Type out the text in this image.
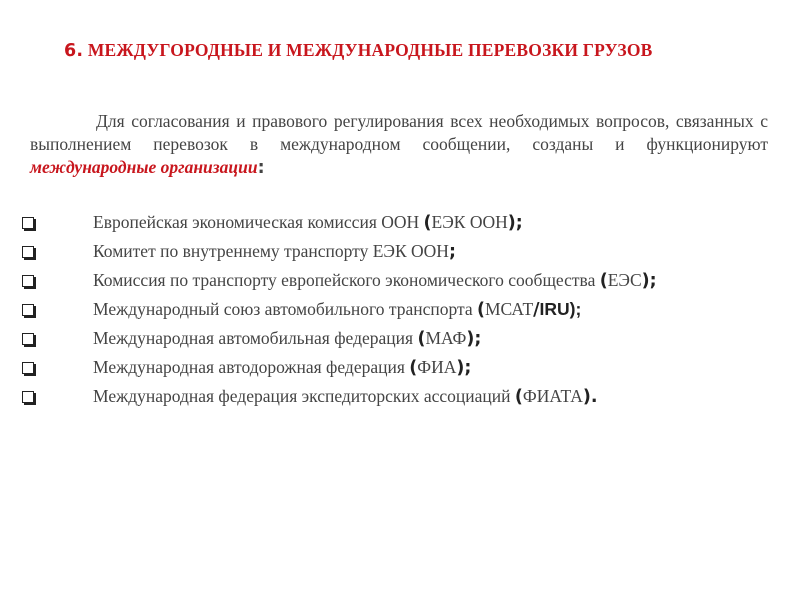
6. МЕЖДУГОРОДНЫЕ И МЕЖДУНАРОДНЫЕ ПЕРЕВОЗКИ ГРУЗОВ
Для согласования и правового регулирования всех необходимых вопросов, связанных с выполнением перевозок в международном сообщении, созданы и функционируют международные организации:
Европейская экономическая комиссия ООН (ЕЭК ООН);
Комитет по внутреннему транспорту ЕЭК ООН;
Комиссия по транспорту европейского экономического сообщества (ЕЭС);
Международный союз автомобильного транспорта (МСАТ/IRU);
Международная автомобильная федерация (МАФ);
Международная автодорожная федерация (ФИА);
Международная федерация экспедиторских ассоциаций (ФИАТА).
